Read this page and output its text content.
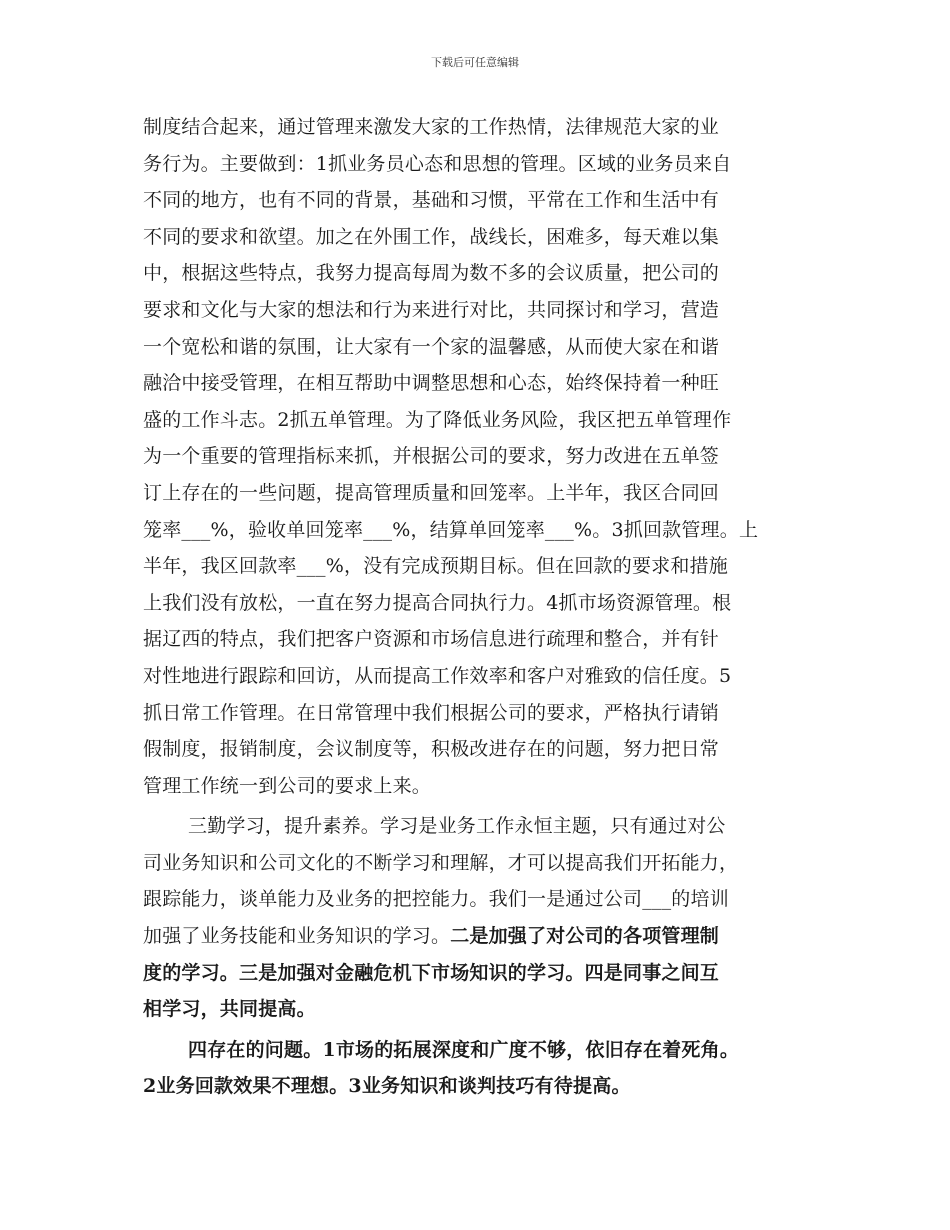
下载后可任意编辑
制度结合起来，通过管理来激发大家的工作热情，法律规范大家的业
务行为。主要做到：1抓业务员心态和思想的管理。区域的业务员来自
不同的地方，也有不同的背景，基础和习惯，平常在工作和生活中有
不同的要求和欲望。加之在外围工作，战线长，困难多，每天难以集
中，根据这些特点，我努力提高每周为数不多的会议质量，把公司的
要求和文化与大家的想法和行为来进行对比，共同探讨和学习，营造
一个宽松和谐的氛围，让大家有一个家的温馨感，从而使大家在和谐
融洽中接受管理，在相互帮助中调整思想和心态，始终保持着一种旺
盛的工作斗志。2抓五单管理。为了降低业务风险，我区把五单管理作
为一个重要的管理指标来抓，并根据公司的要求，努力改进在五单签
订上存在的一些问题，提高管理质量和回笼率。上半年，我区合同回
笼率___%，验收单回笼率___%，结算单回笼率___%。3抓回款管理。上
半年，我区回款率___%，没有完成预期目标。但在回款的要求和措施
上我们没有放松，一直在努力提高合同执行力。4抓市场资源管理。根
据辽西的特点，我们把客户资源和市场信息进行疏理和整合，并有针
对性地进行跟踪和回访，从而提高工作效率和客户对雅致的信任度。5
抓日常工作管理。在日常管理中我们根据公司的要求，严格执行请销
假制度，报销制度，会议制度等，积极改进存在的问题，努力把日常
管理工作统一到公司的要求上来。
三勤学习，提升素养。学习是业务工作永恒主题，只有通过对公
司业务知识和公司文化的不断学习和理解，才可以提高我们开拓能力，
跟踪能力，谈单能力及业务的把控能力。我们一是通过公司___的培训
加强了业务技能和业务知识的学习。二是加强了对公司的各项管理制
度的学习。三是加强对金融危机下市场知识的学习。四是同事之间互
相学习，共同提高。
四存在的问题。1市场的拓展深度和广度不够，依旧存在着死角。
2业务回款效果不理想。3业务知识和谈判技巧有待提高。
